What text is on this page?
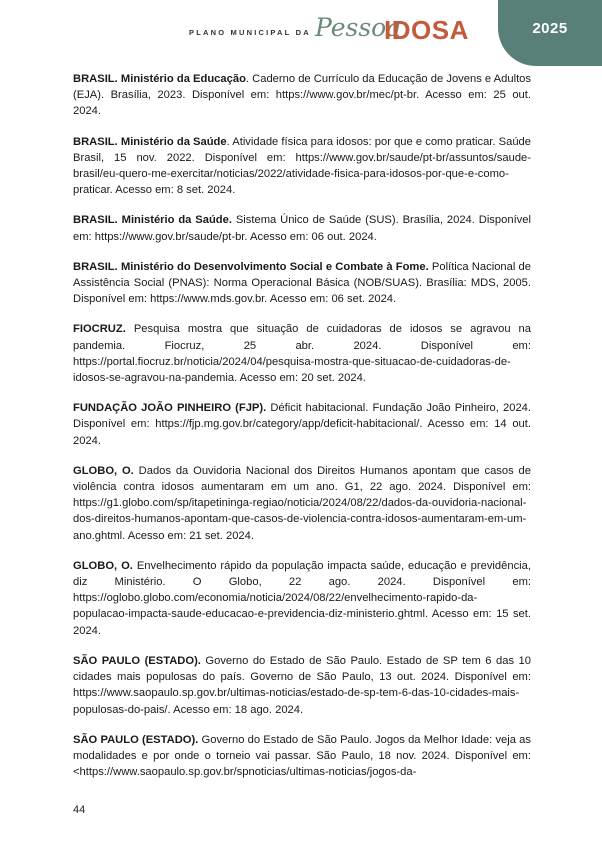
PLANO MUNICIPAL DA Pessoa
IDOSA	2025

BRASIL. Ministério da Educação. Caderno de Currículo da Educação de Jovens e Adultos (EJA). Brasília, 2023. Disponível em: https://www.gov.br/mec/pt-br. Acesso em: 25 out. 2024.

BRASIL. Ministério da Saúde. Atividade física para idosos: por que e como praticar. Saúde Brasil, 15 nov. 2022. Disponível em: https://www.gov.br/saude/pt-br/assuntos/saude-brasil/eu-quero-me-exercitar/noticias/2022/atividade-fisica-para-idosos-por-que-e-como-praticar. Acesso em: 8 set. 2024.

BRASIL. Ministério da Saúde. Sistema Único de Saúde (SUS). Brasília, 2024. Disponível em: https://www.gov.br/saude/pt-br. Acesso em: 06 out. 2024.

BRASIL. Ministério do Desenvolvimento Social e Combate à Fome. Política Nacional de Assistência Social (PNAS): Norma Operacional Básica (NOB/SUAS). Brasília: MDS, 2005. Disponível em: https://www.mds.gov.br. Acesso em: 06 set. 2024.

FIOCRUZ. Pesquisa mostra que situação de cuidadoras de idosos se agravou na pandemia. Fiocruz, 25 abr. 2024. Disponível em: https://portal.fiocruz.br/noticia/2024/04/pesquisa-mostra-que-situacao-de-cuidadoras-de-idosos-se-agravou-na-pandemia. Acesso em: 20 set. 2024.

FUNDAÇÃO JOÃO PINHEIRO (FJP). Déficit habitacional. Fundação João Pinheiro, 2024. Disponível em: https://fjp.mg.gov.br/category/app/deficit-habitacional/. Acesso em: 14 out. 2024.

GLOBO, O. Dados da Ouvidoria Nacional dos Direitos Humanos apontam que casos de violência contra idosos aumentaram em um ano. G1, 22 ago. 2024. Disponível em: https://g1.globo.com/sp/itapetininga-regiao/noticia/2024/08/22/dados-da-ouvidoria-nacional-dos-direitos-humanos-apontam-que-casos-de-violencia-contra-idosos-aumentaram-em-um-ano.ghtml. Acesso em: 21 set. 2024.

GLOBO, O. Envelhecimento rápido da população impacta saúde, educação e previdência, diz Ministério. O Globo, 22 ago. 2024. Disponível em: https://oglobo.globo.com/economia/noticia/2024/08/22/envelhecimento-rapido-da-populacao-impacta-saude-educacao-e-previdencia-diz-ministerio.ghtml. Acesso em: 15 set. 2024.

SÃO PAULO (ESTADO). Governo do Estado de São Paulo. Estado de SP tem 6 das 10 cidades mais populosas do país. Governo de São Paulo, 13 out. 2024. Disponível em: https://www.saopaulo.sp.gov.br/ultimas-noticias/estado-de-sp-tem-6-das-10-cidades-mais-populosas-do-pais/. Acesso em: 18 ago. 2024.

SÃO PAULO (ESTADO). Governo do Estado de São Paulo. Jogos da Melhor Idade: veja as modalidades e por onde o torneio vai passar. São Paulo, 18 nov. 2024. Disponível em: <https://www.saopaulo.sp.gov.br/spnoticias/ultimas-noticias/jogos-da-

44
